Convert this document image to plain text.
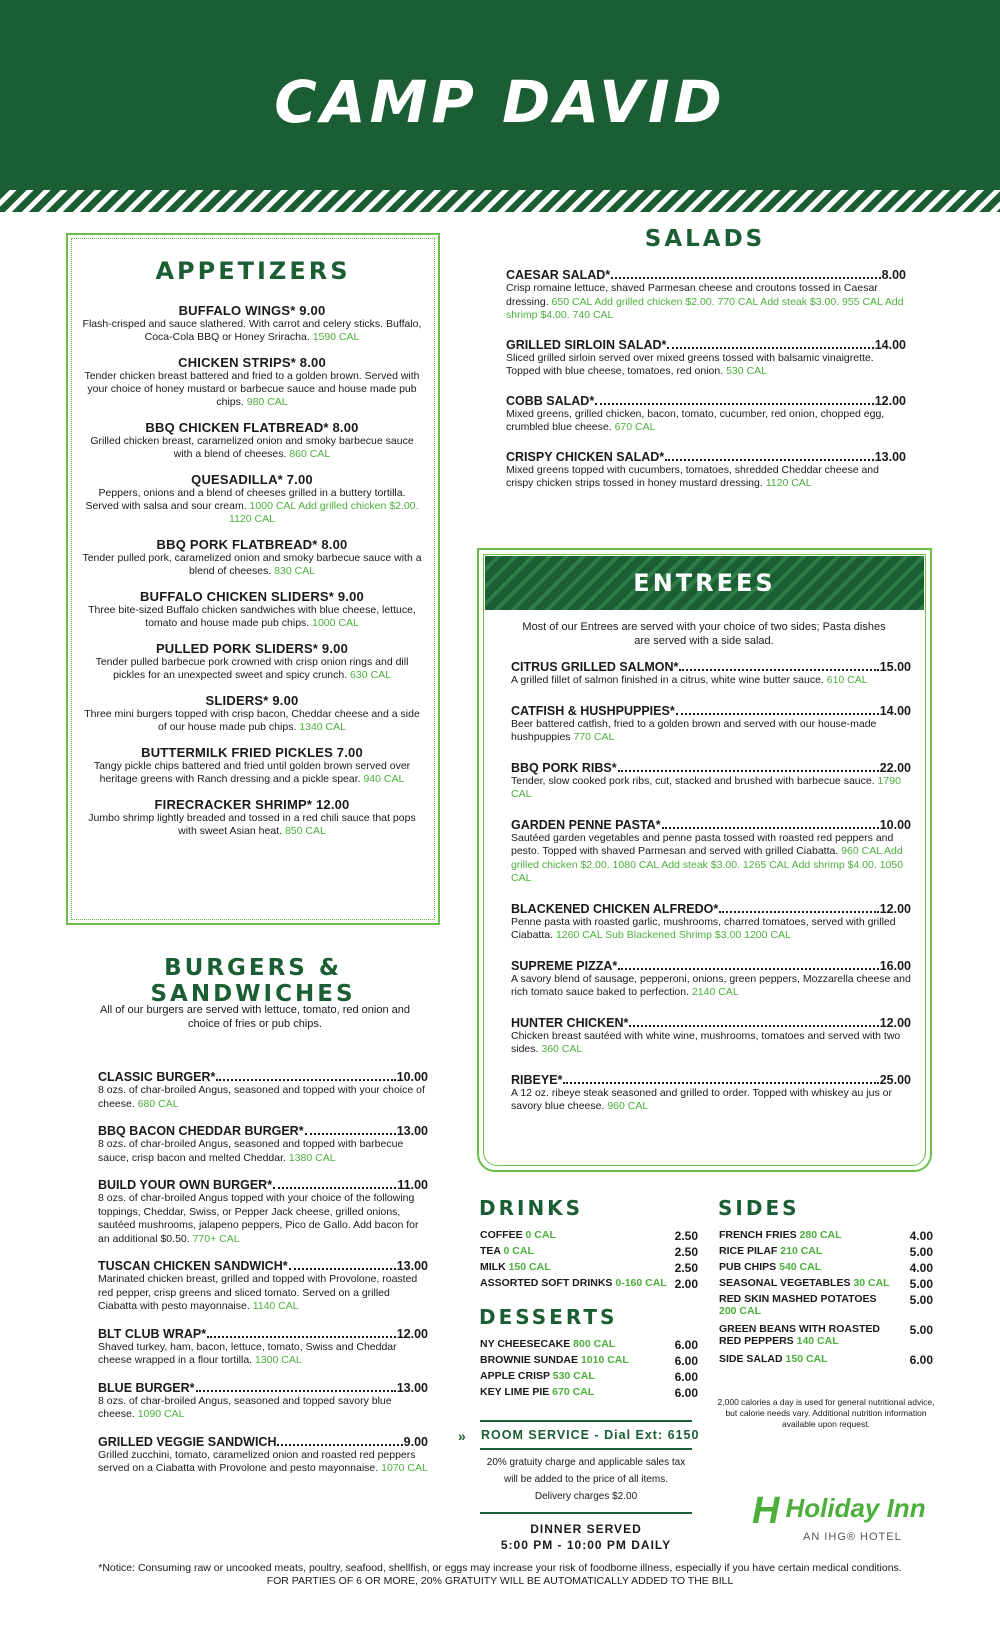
CAMP DAVID
APPETIZERS
BUFFALO WINGS* 9.00
Flash-crisped and sauce slathered. With carrot and celery sticks. Buffalo, Coca-Cola BBQ or Honey Sriracha. 1590 CAL
CHICKEN STRIPS* 8.00
Tender chicken breast battered and fried to a golden brown. Served with your choice of honey mustard or barbecue sauce and house made pub chips. 980 CAL
BBQ CHICKEN FLATBREAD* 8.00
Grilled chicken breast, caramelized onion and smoky barbecue sauce with a blend of cheeses. 860 CAL
QUESADILLA* 7.00
Peppers, onions and a blend of cheeses grilled in a buttery tortilla. Served with salsa and sour cream. 1000 CAL Add grilled chicken $2.00. 1120 CAL
BBQ PORK FLATBREAD* 8.00
Tender pulled pork, caramelized onion and smoky barbecue sauce with a blend of cheeses. 830 CAL
BUFFALO CHICKEN SLIDERS* 9.00
Three bite-sized Buffalo chicken sandwiches with blue cheese, lettuce, tomato and house made pub chips. 1000 CAL
PULLED PORK SLIDERS* 9.00
Tender pulled barbecue pork crowned with crisp onion rings and dill pickles for an unexpected sweet and spicy crunch. 630 CAL
SLIDERS* 9.00
Three mini burgers topped with crisp bacon, Cheddar cheese and a side of our house made pub chips. 1340 CAL
BUTTERMILK FRIED PICKLES 7.00
Tangy pickle chips battered and fried until golden brown served over heritage greens with Ranch dressing and a pickle spear. 940 CAL
FIRECRACKER SHRIMP* 12.00
Jumbo shrimp lightly breaded and tossed in a red chili sauce that pops with sweet Asian heat. 850 CAL
BURGERS & SANDWICHES
All of our burgers are served with lettuce, tomato, red onion and choice of fries or pub chips.
CLASSIC BURGER*	10.00
8 ozs. of char-broiled Angus, seasoned and topped with your choice of cheese. 680 CAL
BBQ BACON CHEDDAR BURGER*	13.00
8 ozs. of char-broiled Angus, seasoned and topped with barbecue sauce, crisp bacon and melted Cheddar. 1380 CAL
BUILD YOUR OWN BURGER*	11.00
8 ozs. of char-broiled Angus topped with your choice of the following toppings, Cheddar, Swiss, or Pepper Jack cheese, grilled onions, sautéed mushrooms, jalapeno peppers, Pico de Gallo. Add bacon for an additional $0.50. 770+ CAL
TUSCAN CHICKEN SANDWICH*	13.00
Marinated chicken breast, grilled and topped with Provolone, roasted red pepper, crisp greens and sliced tomato. Served on a grilled Ciabatta with pesto mayonnaise. 1140 CAL
BLT CLUB WRAP*	12.00
Shaved turkey, ham, bacon, lettuce, tomato, Swiss and Cheddar cheese wrapped in a flour tortilla. 1300 CAL
BLUE BURGER*	13.00
8 ozs. of char-broiled Angus, seasoned and topped savory blue cheese. 1090 CAL
GRILLED VEGGIE SANDWICH	9.00
Grilled zucchini, tomato, caramelized onion and roasted red peppers served on a Ciabatta with Provolone and pesto mayonnaise. 1070 CAL
SALADS
CAESAR SALAD*	8.00
Crisp romaine lettuce, shaved Parmesan cheese and croutons tossed in Caesar dressing. 650 CAL Add grilled chicken $2.00. 770 CAL Add steak $3.00. 955 CAL Add shrimp $4.00. 740 CAL
GRILLED SIRLOIN SALAD*	14.00
Sliced grilled sirloin served over mixed greens tossed with balsamic vinaigrette. Topped with blue cheese, tomatoes, red onion. 530 CAL
COBB SALAD*	12.00
Mixed greens, grilled chicken, bacon, tomato, cucumber, red onion, chopped egg, crumbled blue cheese. 670 CAL
CRISPY CHICKEN SALAD*	13.00
Mixed greens topped with cucumbers, tomatoes, shredded Cheddar cheese and crispy chicken strips tossed in honey mustard dressing. 1120 CAL
ENTREES
Most of our Entrees are served with your choice of two sides; Pasta dishes are served with a side salad.
CITRUS GRILLED SALMON*	15.00
A grilled fillet of salmon finished in a citrus, white wine butter sauce. 610 CAL
CATFISH & HUSHPUPPIES*	14.00
Beer battered catfish, fried to a golden brown and served with our house-made hushpuppies 770 CAL
BBQ PORK RIBS*	22.00
Tender, slow cooked pork ribs, cut, stacked and brushed with barbecue sauce. 1790 CAL
GARDEN PENNE PASTA*	10.00
Sautéed garden vegetables and penne pasta tossed with roasted red peppers and pesto. Topped with shaved Parmesan and served with grilled Ciabatta. 960 CAL Add grilled chicken $2.00. 1080 CAL Add steak $3.00. 1265 CAL Add shrimp $4.00. 1050 CAL
BLACKENED CHICKEN ALFREDO*	12.00
Penne pasta with roasted garlic, mushrooms, charred tomatoes, served with grilled Ciabatta. 1260 CAL Sub Blackened Shrimp $3.00 1200 CAL
SUPREME PIZZA*	16.00
A savory blend of sausage, pepperoni, onions, green peppers, Mozzarella cheese and rich tomato sauce baked to perfection. 2140 CAL
HUNTER CHICKEN*	12.00
Chicken breast sautéed with white wine, mushrooms, tomatoes and served with two sides. 360 CAL
RIBEYE*	25.00
A 12 oz. ribeye steak seasoned and grilled to order. Topped with whiskey au jus or savory blue cheese. 960 CAL
DRINKS
COFFEE 0 CAL	2.50
TEA 0 CAL	2.50
MILK 150 CAL	2.50
ASSORTED SOFT DRINKS 0-160 CAL 2.00
DESSERTS
NY CHEESECAKE 800 CAL	6.00
BROWNIE SUNDAE 1010 CAL	6.00
APPLE CRISP 530 CAL	6.00
KEY LIME PIE 670 CAL	6.00
SIDES
FRENCH FRIES 280 CAL	4.00
RICE PILAF 210 CAL	5.00
PUB CHIPS 540 CAL	4.00
SEASONAL VEGETABLES 30 CAL 5.00
RED SKIN MASHED POTATOES 200 CAL
5.00
GREEN BEANS WITH ROASTED RED PEPPERS 140 CAL
5.00
SIDE SALAD 150 CAL	6.00
» ROOM SERVICE - Dial Ext: 6150
20% gratuity charge and applicable sales tax will be added to the price of all items.
Delivery charges $2.00
DINNER SERVED
5:00 PM - 10:00 PM DAILY
2,000 calories a day is used for general nutritional advice, but calorie needs vary. Additional nutrition information available upon request.
H Holiday Inn
AN IHG® HOTEL
*Notice: Consuming raw or uncooked meats, poultry, seafood, shellfish, or eggs may increase your risk of foodborne illness, especially if you have certain medical conditions.
FOR PARTIES OF 6 OR MORE, 20% GRATUITY WILL BE AUTOMATICALLY ADDED TO THE BILL
